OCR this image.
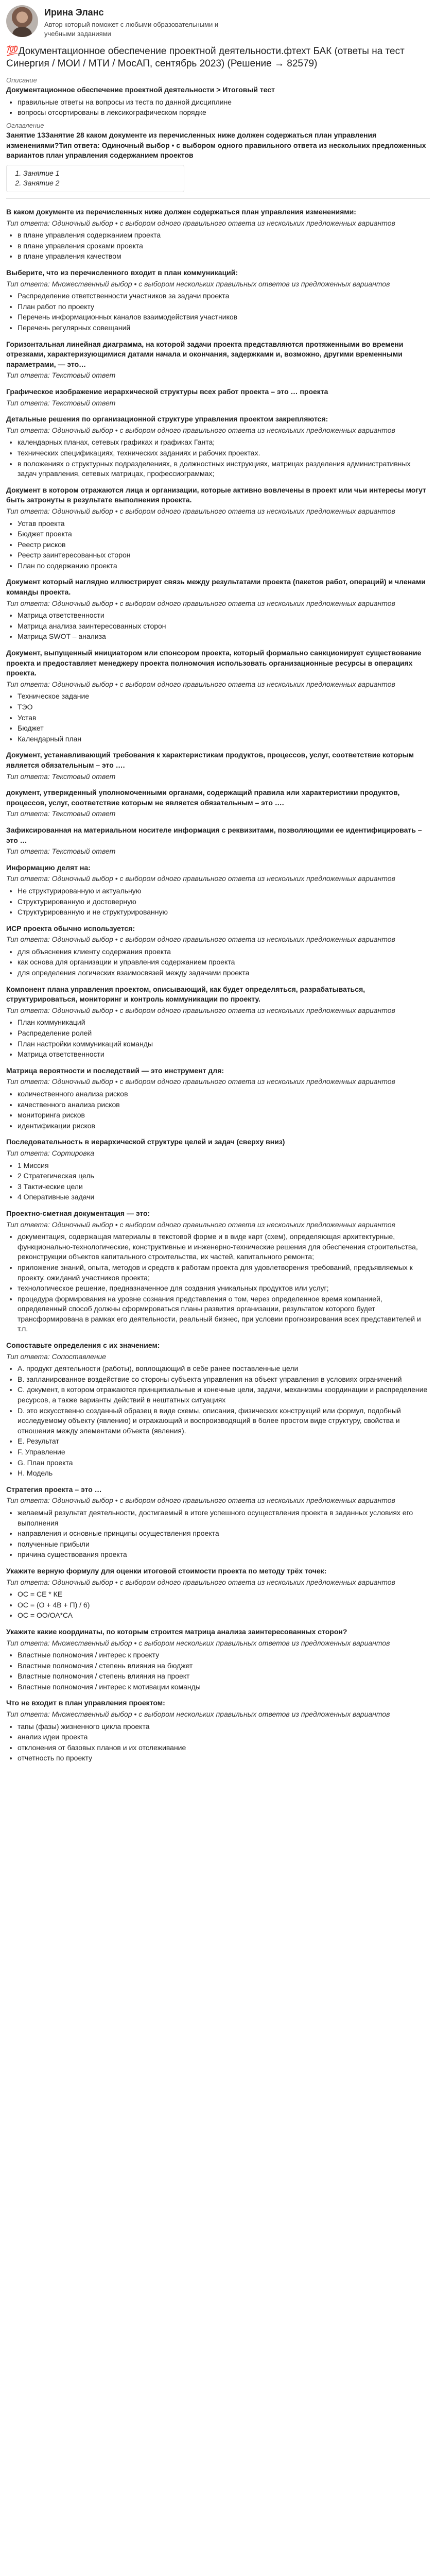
Ирина Эланс

Автор который поможет с любыми образовательными и учебными заданиями

💯Документационное обеспечение проектной деятельности.фтехт БАК (ответы на тест Синергия / МОИ / МТИ / МосАП, сентябрь 2023) (Решение → 82579)

Описание

Документационное обеспечение проектной деятельности > Итоговый тест

• правильные ответы на вопросы из теста по данной дисциплине
• вопросы отсортированы в лексикографическом порядке

Оглавление

Занятие 13Занятие 28 каком документе из перечисленных ниже должен содержаться план управления изменениями?Тип ответа: Одиночный выбор • с выбором одного правильного ответа из нескольких предложенных вариантов план управления содержанием проектов

1. Занятие 1
2. Занятие 2

В каком документе из перечисленных ниже должен содержаться план управления изменениями:

Тип ответа: Одиночный выбор • с выбором одного правильного ответа из нескольких предложенных вариантов

• в плане управления содержанием проекта
• в плане управления сроками проекта
• в плане управления качеством

Выберите, что из перечисленного входит в план коммуникаций:

Тип ответа: Множественный выбор • с выбором нескольких правильных ответов из предложенных вариантов

• Распределение ответственности участников за задачи проекта
• План работ по проекту
• Перечень информационных каналов взаимодействия участников
• Перечень регулярных совещаний

Горизонтальная линейная диаграмма, на которой задачи проекта представляются протяженными во времени отрезками, характеризующимися датами начала и окончания, задержками и, возможно, другими временными параметрами, — это…

Тип ответа: Текстовый ответ

Графическое изображение иерархической структуры всех работ проекта – это … проекта

Тип ответа: Текстовый ответ

Детальные решения по организационной структуре управления проектом закрепляются:

Тип ответа: Одиночный выбор • с выбором одного правильного ответа из нескольких предложенных вариантов

• календарных планах, сетевых графиках и графиках Ганта;
• технических спецификациях, технических заданиях и рабочих проектах.
• в положениях о структурных подразделениях, в должностных инструкциях, матрицах разделения административных задач управления, сетевых матрицах, профессиограммах;

Документ в котором отражаются лица и организации, которые активно вовлечены в проект или чьи интересы могут быть затронуты в результате выполнения проекта.

Тип ответа: Одиночный выбор • с выбором одного правильного ответа из нескольких предложенных вариантов

• Устав проекта
• Бюджет проекта
• Реестр рисков
• Реестр заинтересованных сторон
• План по содержанию проекта

Документ который наглядно иллюстрирует связь между результатами проекта (пакетов работ, операций) и членами команды проекта.

Тип ответа: Одиночный выбор • с выбором одного правильного ответа из нескольких предложенных вариантов

• Матрица ответственности
• Матрица анализа заинтересованных сторон
• Матрица SWOT – анализа

Документ, выпущенный инициатором или спонсором проекта, который формально санкционирует существование проекта и предоставляет менеджеру проекта полномочия использовать организационные ресурсы в операциях проекта.

Тип ответа: Одиночный выбор • с выбором одного правильного ответа из нескольких предложенных вариантов

• Техническое задание
• ТЭО
• Устав
• Бюджет
• Календарный план

Документ, устанавливающий требования к характеристикам продуктов, процессов, услуг, соответствие которым является обязательным – это ….

Тип ответа: Текстовый ответ

документ, утвержденный уполномоченными органами, содержащий правила или характеристики продуктов, процессов, услуг, соответствие которым не является обязательным – это ….

Тип ответа: Текстовый ответ

Зафиксированная на материальном носителе информация с реквизитами, позволяющими ее идентифицировать – это …

Тип ответа: Текстовый ответ

Информацию делят на:

Тип ответа: Одиночный выбор • с выбором одного правильного ответа из нескольких предложенных вариантов

• Не структурированную и актуальную
• Структурированную и достоверную
• Структурированную и не структурированную

ИСР проекта обычно используется:

Тип ответа: Одиночный выбор • с выбором одного правильного ответа из нескольких предложенных вариантов

• для объяснения клиенту содержания проекта
• как основа для организации и управления содержанием проекта
• для определения логических взаимосвязей между задачами проекта

Компонент плана управления проектом, описывающий, как будет определяться, разрабатываться, структурироваться, мониторинг и контроль коммуникации по проекту.

Тип ответа: Одиночный выбор • с выбором одного правильного ответа из нескольких предложенных вариантов

• План коммуникаций
• Распределение ролей
• План настройки коммуникаций команды
• Матрица ответственности

Матрица вероятности и последствий — это инструмент для:

Тип ответа: Одиночный выбор • с выбором одного правильного ответа из нескольких предложенных вариантов

• количественного анализа рисков
• качественного анализа рисков
• мониторинга рисков
• идентификации рисков

Последовательность в иерархической структуре целей и задач (сверху вниз)

Тип ответа: Сортировка

• 1 Миссия
• 2 Стратегическая цель
• 3 Тактические цели
• 4 Оперативные задачи

Проектно-сметная документация — это:

Тип ответа: Одиночный выбор • с выбором одного правильного ответа из нескольких предложенных вариантов

• документация, содержащая материалы в текстовой форме и в виде карт (схем), определяющая архитектурные, функционально-технологические, конструктивные и инженерно-технические решения для обеспечения строительства, реконструкции объектов капитального строительства, их частей, капитального ремонта;
• приложение знаний, опыта, методов и средств к работам проекта для удовлетворения требований, предъявляемых к проекту, ожиданий участников проекта;
• технологическое решение, предназначенное для создания уникальных продуктов или услуг;
• процедура формирования на уровне сознания представления о том, через определенное время компанией, определенный способ должны сформироваться планы развития организации, результатом которого будет трансформирована в рамках его деятельности, реальный бизнес, при условии прогнозирования всех представителей и т.п.

Сопоставьте определения с их значением:

Тип ответа: Сопоставление

• A. продукт деятельности (работы), воплощающий в себе ранее поставленные цели
• B. запланированное воздействие со стороны субъекта управления на объект управления в условиях ограничений
• C. документ, в котором отражаются принципиальные и конечные цели, задачи, механизмы координации и распределение ресурсов, а также варианты действий в нештатных ситуациях
• D. это искусственно созданный образец в виде схемы, описания, физических конструкций или формул, подобный исследуемому объекту (явлению) и отражающий и воспроизводящий в более простом виде структуру, свойства и отношения между элементами объекта (явления).
• E. Результат
• F. Управление
• G. План проекта
• H. Модель

Стратегия проекта – это …

Тип ответа: Одиночный выбор • с выбором одного правильного ответа из нескольких предложенных вариантов

• желаемый результат деятельности, достигаемый в итоге успешного осуществления проекта в заданных условиях его выполнения
• направления и основные принципы осуществления проекта
• полученные прибыли
• причина существования проекта

Укажите верную формулу для оценки итоговой стоимости проекта по методу трёх точек:

Тип ответа: Одиночный выбор • с выбором одного правильного ответа из нескольких предложенных вариантов

• ОС = СЕ * КЕ
• ОС = (О + 4В + П) / 6)
• ОС = ОО/ОА*СА

Укажите какие координаты, по которым строится матрица анализа заинтересованных сторон?

Тип ответа: Множественный выбор • с выбором нескольких правильных ответов из предложенных вариантов

• Властные полномочия / интерес к проекту
• Властные полномочия / степень влияния на бюджет
• Властные полномочия / степень влияния на проект
• Властные полномочия / интерес к мотивации команды

Что не входит в план управления проектом:

Тип ответа: Множественный выбор • с выбором нескольких правильных ответов из предложенных вариантов

• тапы (фазы) жизненного цикла проекта
• анализ идеи проекта
• отклонения от базовых планов и их отслеживание
• отчетность по проекту
